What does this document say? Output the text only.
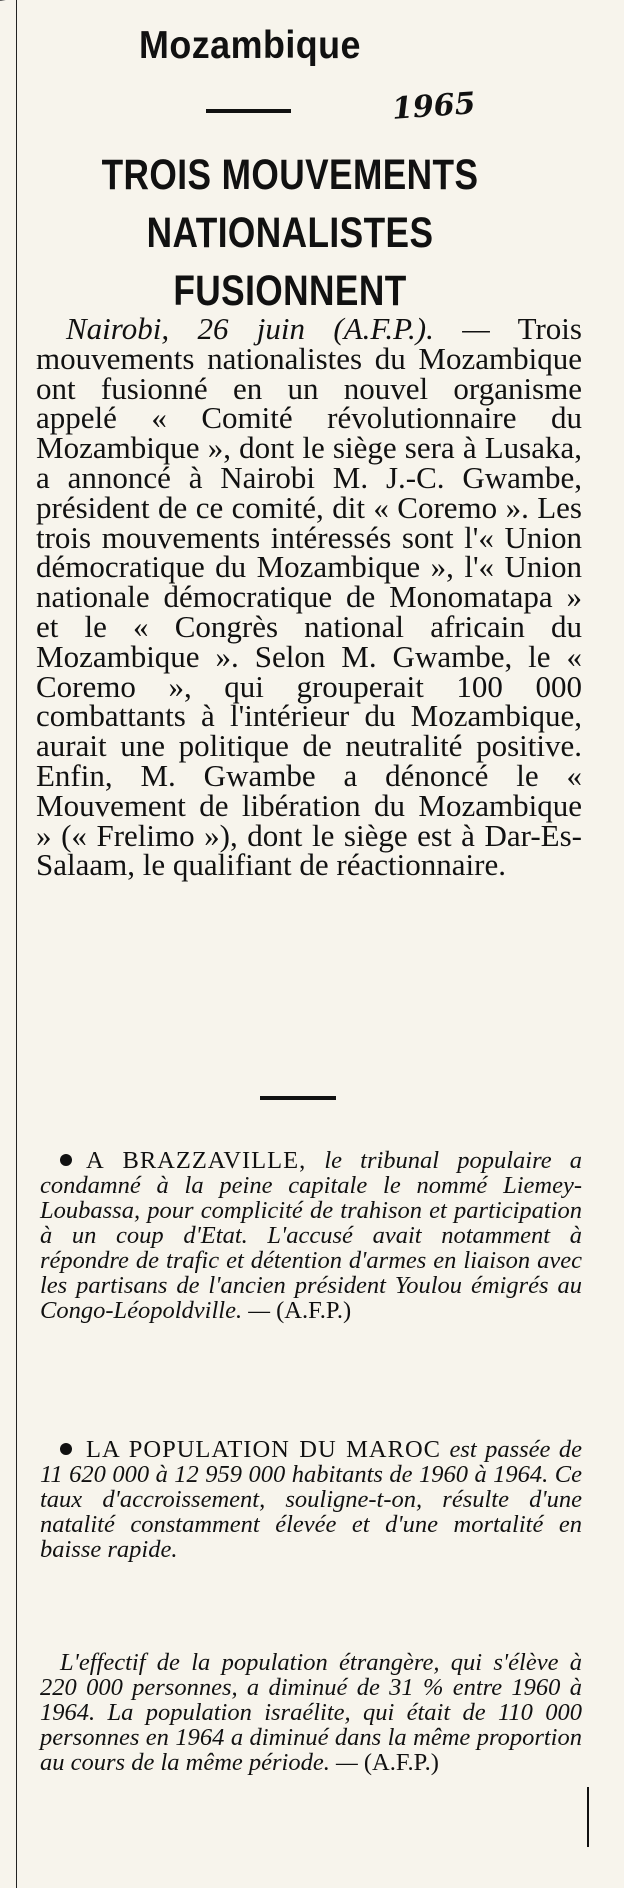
Mozambique
1965
TROIS MOUVEMENTS
NATIONALISTES FUSIONNENT
Nairobi, 26 juin (A.F.P.). — Trois mouvements nationalistes du Mozambique ont fusionné en un nouvel organisme appelé « Comité révolutionnaire du Mozambique », dont le siège sera à Lusaka, a annoncé à Nairobi M. J.-C. Gwambe, président de ce comité, dit « Coremo ». Les trois mouvements intéressés sont l'« Union démocratique du Mozambique », l'« Union nationale démocratique de Monomatapa » et le « Congrès national africain du Mozambique ». Selon M. Gwambe, le « Coremo », qui grouperait 100 000 combattants à l'intérieur du Mozambique, aurait une politique de neutralité positive. Enfin, M. Gwambe a dénoncé le « Mouvement de libération du Mozambique » (« Frelimo »), dont le siège est à Dar-Es-Salaam, le qualifiant de réactionnaire.
A BRAZZAVILLE, le tribunal populaire a condamné à la peine capitale le nommé Liemey-Loubassa, pour complicité de trahison et participation à un coup d'Etat. L'accusé avait notamment à répondre de trafic et détention d'armes en liaison avec les partisans de l'ancien président Youlou émigrés au Congo-Léopoldville. — (A.F.P.)
LA POPULATION DU MAROC est passée de 11 620 000 à 12 959 000 habitants de 1960 à 1964. Ce taux d'accroissement, souligne-t-on, résulte d'une natalité constamment élevée et d'une mortalité en baisse rapide.
L'effectif de la population étrangère, qui s'élève à 220 000 personnes, a diminué de 31 % entre 1960 à 1964. La population israélite, qui était de 110 000 personnes en 1964 a diminué dans la même proportion au cours de la même période. — (A.F.P.)
